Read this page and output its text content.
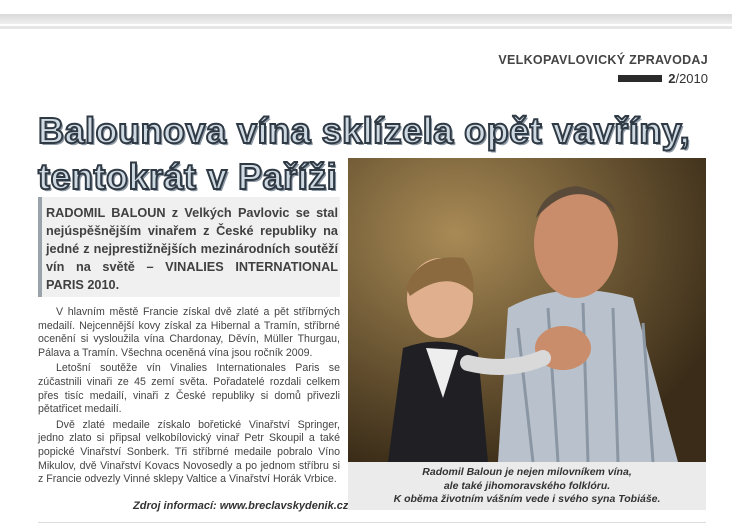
VELKOPAVLOVICKÝ ZPRAVODAJ
2 /2010
Balounova vína sklízela opět vavříny,
tentokrát v Paříži
RADOMIL BALOUN z Velkých Pavlovic se stal nejúspěšnějším vinařem z České republiky na jedné z nejprestižnějších mezinárodních soutěží vín na světě – VINALIES INTERNATIONAL PARIS 2010.

V hlavním městě Francie získal dvě zlaté a pět stříbrných medailí. Nejcennější kovy získal za Hibernal a Tramín, stříbrné ocenění si vysloužila vína Chardonay, Děvín, Müller Thurgau, Pálava a Tramín. Všechna oceněná vína jsou ročník 2009.

Letošní soutěže vín Vinalies Internationales Paris se zúčastnili vinaři ze 45 zemí světa. Pořadatelé rozdali celkem přes tisíc medailí, vinaři z České republiky si domů přivezli pětatřicet medailí.

Dvě zlaté medaile získalo bořetické Vinařství Springer, jedno zlato si připsal velkobílovický vinař Petr Skoupil a také popické Vinařství Sonberk. Tři stříbrné medaile pobralo Víno Mikulov, dvě Vinařství Kovacs Novosedly a po jednom stříbru si z Francie odvezly Vinné sklepy Valtice a Vinařství Horák Vrbice.

Zdroj informací: www.breclavskydenik.cz
Radomil Baloun je nejen milovníkem vína,
ale také jihomoravského folklóru.
K oběma životním vášním vede i svého syna Tobiáše.
